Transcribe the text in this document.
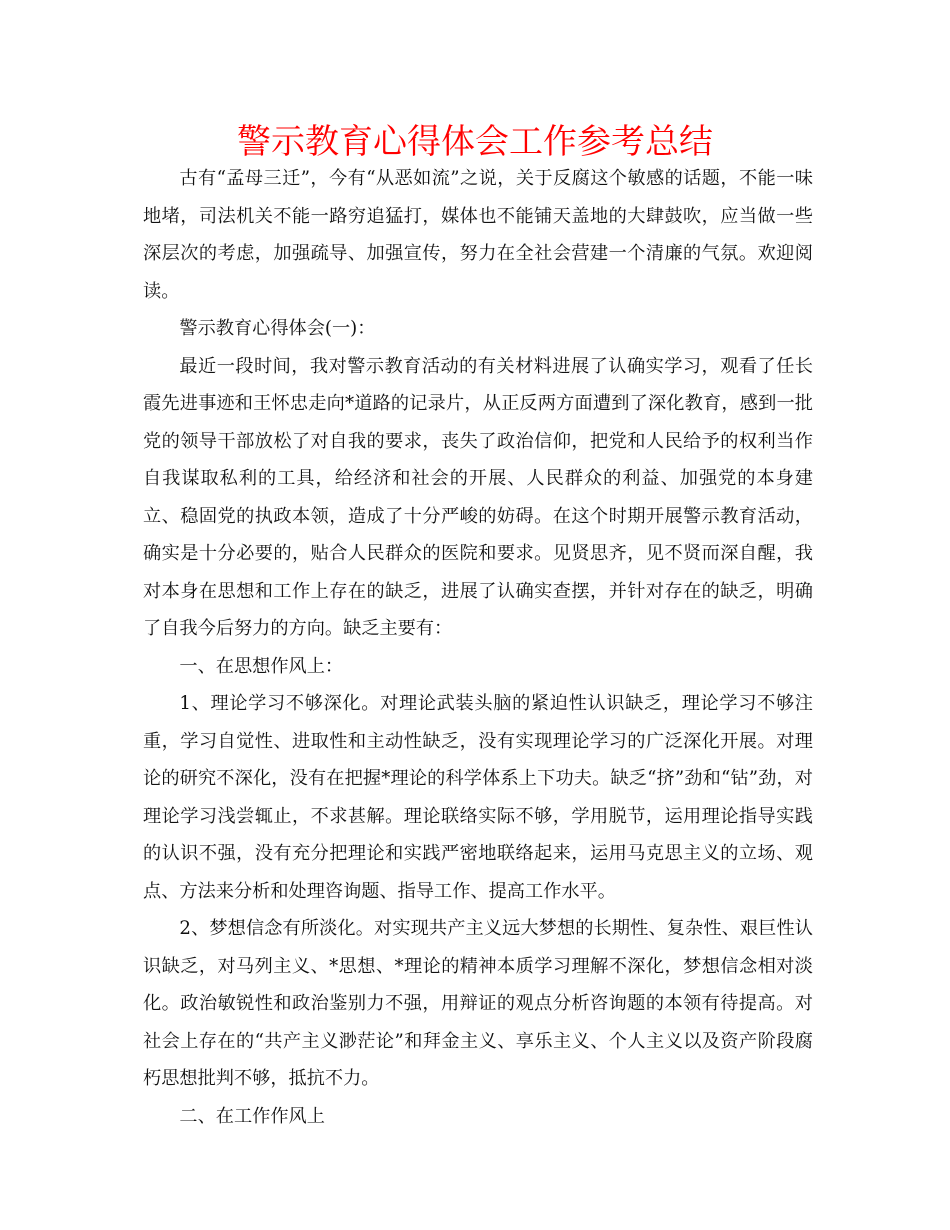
警示教育心得体会工作参考总结

古有“孟母三迁”，今有“从恶如流”之说，关于反腐这个敏感的话题，不能一味地堵，司法机关不能一路穷追猛打，媒体也不能铺天盖地的大肆鼓吹，应当做一些深层次的考虑，加强疏导、加强宣传，努力在全社会营建一个清廉的气氛。欢迎阅读。

警示教育心得体会(一)：

最近一段时间，我对警示教育活动的有关材料进展了认确实学习，观看了任长霞先进事迹和王怀忠走向*道路的记录片，从正反两方面遭到了深化教育，感到一批党的领导干部放松了对自我的要求，丧失了政治信仰，把党和人民给予的权利当作自我谋取私利的工具，给经济和社会的开展、人民群众的利益、加强党的本身建立、稳固党的执政本领，造成了十分严峻的妨碍。在这个时期开展警示教育活动，确实是十分必要的，贴合人民群众的医院和要求。见贤思齐，见不贤而深自醒，我对本身在思想和工作上存在的缺乏，进展了认确实查摆，并针对存在的缺乏，明确了自我今后努力的方向。缺乏主要有：

一、在思想作风上：

1、理论学习不够深化。对理论武装头脑的紧迫性认识缺乏，理论学习不够注重，学习自觉性、进取性和主动性缺乏，没有实现理论学习的广泛深化开展。对理论的研究不深化，没有在把握*理论的科学体系上下功夫。缺乏“挤”劲和“钻”劲，对理论学习浅尝辄止，不求甚解。理论联络实际不够，学用脱节，运用理论指导实践的认识不强，没有充分把理论和实践严密地联络起来，运用马克思主义的立场、观点、方法来分析和处理咨询题、指导工作、提高工作水平。

2、梦想信念有所淡化。对实现共产主义远大梦想的长期性、复杂性、艰巨性认识缺乏，对马列主义、*思想、*理论的精神本质学习理解不深化，梦想信念相对淡化。政治敏锐性和政治鉴别力不强，用辩证的观点分析咨询题的本领有待提高。对社会上存在的“共产主义渺茫论”和拜金主义、享乐主义、个人主义以及资产阶段腐朽思想批判不够，抵抗不力。

二、在工作作风上
